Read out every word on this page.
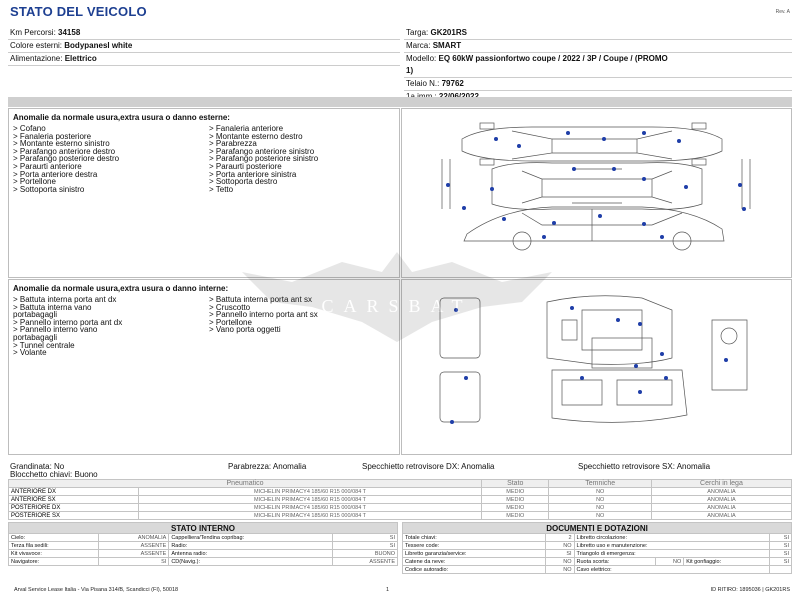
STATO DEL VEICOLO	Rev. A
Km Percorsi: 34158
Colore esterni: Bodypanesl white
Alimentazione: Elettrico
Targa: GK201RS
Marca: SMART
Modello: EQ 60kW passionfortwo coupe / 2022 / 3P / Coupe / (PROMO
1)
Telaio N.: 79762
Anomalie da normale usura,extra usura o danno esterne:
> Cofano
> Fanaleria posteriore
> Montante esterno sinistro
> Parafango anteriore destro
> Parafango posteriore destro
> Paraurti anteriore
> Porta anteriore destra
> Portellone
> Sottoporta sinistro
> Fanaleria anteriore
> Montante esterno destro
> Parabrezza
> Parafango anteriore sinistro
> Parafango posteriore sinistro
> Paraurti posteriore
> Porta anteriore sinistra
> Sottoporta destro
> Tetto
Anomalie da normale usura,extra usura o danno interne:
> Battuta interna porta ant dx
> Battuta interna vano
portabagagli
> Pannello interno porta ant dx
> Pannello interno vano
portabagagli
> Tunnel centrale
> Volante
> Battuta interna porta ant sx
> Cruscotto
> Pannello interno porta ant sx
> Portellone
> Vano porta oggetti
CARSBAT
Grandinata: No
Blocchetto chiavi: Buono
Parabrezza: Anomalia	Specchietto retrovisore DX: Anomalia	Specchietto retrovisore SX: Anomalia
Pneumatico		Stato	Temniche	Cerchi in lega
ANTERIORE DX	MICHELIN PRIMACY4 185/60 R15 000/084 T	MEDIO	NO	ANOMALIA
ANTERIORE SX	MICHELIN PRIMACY4 185/60 R15 000/084 T	MEDIO	NO	ANOMALIA
POSTERIORE DX	MICHELIN PRIMACY4 185/60 R15 000/084 T	MEDIO	NO	ANOMALIA
POSTERIORE SX	MICHELIN PRIMACY4 185/60 R15 000/084 T	MEDIO	NO	ANOMALIA
STATO INTERNO			
Cielo:	ANOMALIA	Cappelliera/Tendina copribag:	SI
Terza fila sedili:	ASSENTE	Radio:	SI
Kit vivavoce:	ASSENTE	Antenna radio:	BUONO
Navigatore:	SI	CD(Navig.):	ASSENTE
DOCUMENTI E DOTAZIONI					
Totale chiavi:	2	Libretto circolazione:			SI
Tessere code:	NO	Libretto uso e manutenzione:			SI
Libretto garanzia/service:	SI	Triangolo di emergenza:			SI
Catene da neve:	NO	Ruota scorta:	NO	Kit gonfiaggio:	SI
Codice autoradio:	NO	Cavo elettrico:			
Arval Service Lease Italia - Via Pisana 314/B, Scandicci (FI), 50018	1	ID RITIRO: 1895036 | GK201RS
